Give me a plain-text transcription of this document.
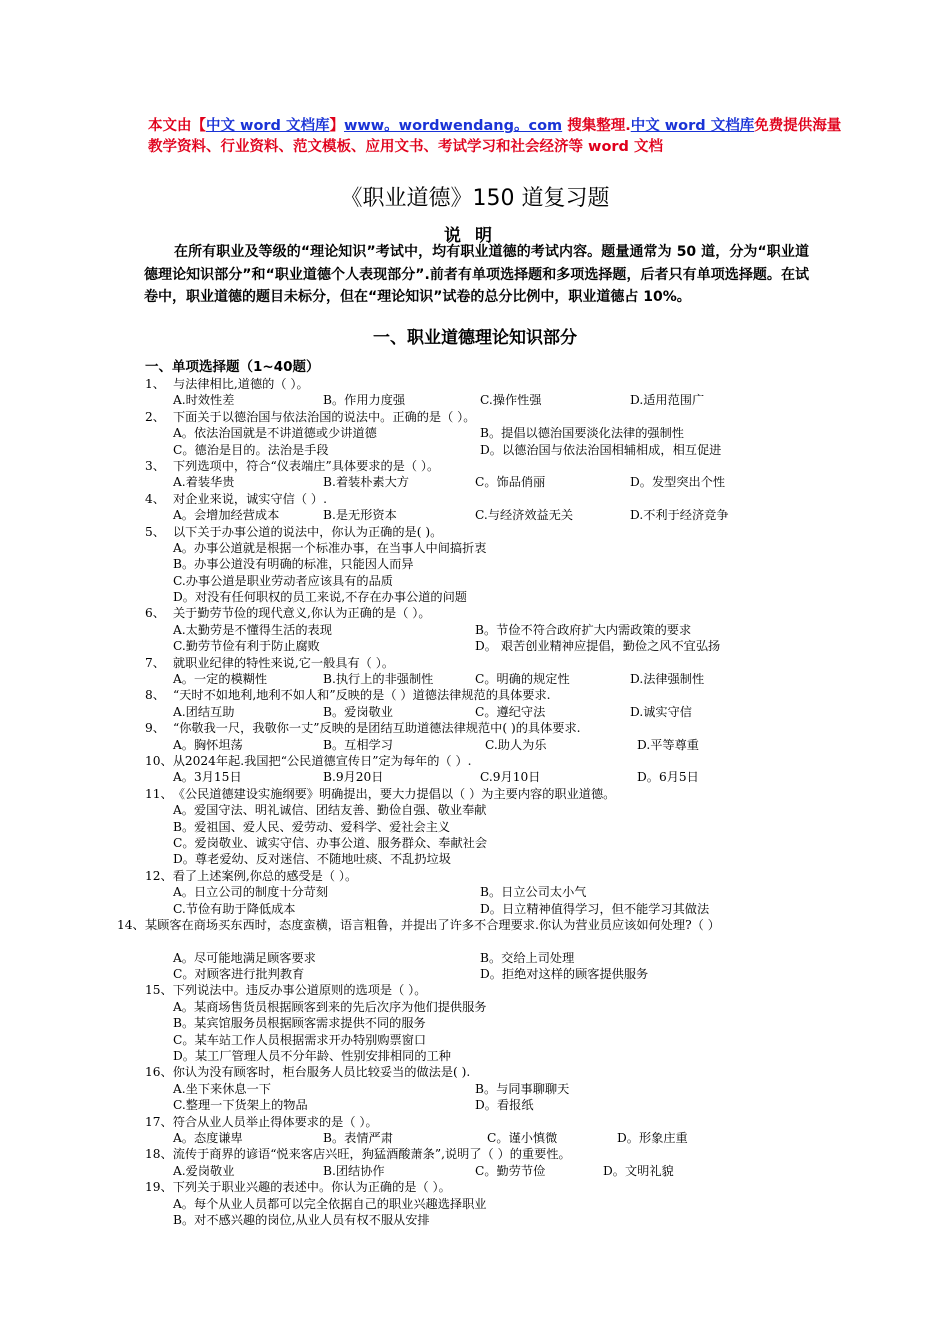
本文由【中文 word 文档库】www。wordwendang。com 搜集整理.中文 word 文档库免费提供海量教学资料、行业资料、范文模板、应用文书、考试学习和社会经济等 word 文档
《职业道德》150 道复习题
说明
在所有职业及等级的“理论知识”考试中，均有职业道德的考试内容。题量通常为 50 道，分为“职业道德理论知识部分”和“职业道德个人表现部分”.前者有单项选择题和多项选择题，后者只有单项选择题。在试卷中，职业道德的题目未标分，但在“理论知识”试卷的总分比例中，职业道德占 10%。
一、职业道德理论知识部分
一、单项选择题（1~40题）
1、 与法律相比,道德的（ ）。
A.时效性差	B。作用力度强	C.操作性强	D.适用范围广
2、 下面关于以德治国与依法治国的说法中。正确的是（ ）。
A。依法治国就是不讲道德或少讲道德	B。提倡以德治国要淡化法律的强制性
C。德治是目的。法治是手段	D。以德治国与依法治国相辅相成，相互促进
3、 下列选项中，符合“仪表端庄”具体要求的是（ ）。
A.着装华贵	B.着装朴素大方	C。饰品俏丽	D。发型突出个性
4、 对企业来说，诚实守信（ ）.
A。会增加经营成本	B.是无形资本	C.与经济效益无关	D.不利于经济竞争
5、 以下关于办事公道的说法中，你认为正确的是( )。
A。办事公道就是根据一个标准办事，在当事人中间搞折衷
B。办事公道没有明确的标准，只能因人而异
C.办事公道是职业劳动者应该具有的品质
D。对没有任何职权的员工来说,不存在办事公道的问题
6、 关于勤劳节俭的现代意义,你认为正确的是（ ）。
A.太勤劳是不懂得生活的表现	B。节俭不符合政府扩大内需政策的要求
C.勤劳节俭有利于防止腐败	D。 艰苦创业精神应提倡，勤俭之风不宜弘扬
7、 就职业纪律的特性来说,它一般具有（ ）。
A。一定的模糊性	B.执行上的非强制性	C。明确的规定性	D.法律强制性
8、 “天时不如地利,地利不如人和”反映的是（ ）道德法律规范的具体要求.
A.团结互助	B。爱岗敬业	C。遵纪守法	D.诚实守信
9、 “你敬我一尺，我敬你一丈”反映的是团结互助道德法律规范中( )的具体要求.
A。胸怀坦荡	B。互相学习	C.助人为乐	D.平等尊重
10、从2024年起.我国把“公民道德宣传日”定为每年的（ ）.
A。3月15日	B.9月20日	C.9月10日	D。6月5日
11、《公民道德建设实施纲要》明确提出，要大力提倡以（ ）为主要内容的职业道德。
A。爱国守法、明礼诚信、团结友善、勤俭自强、敬业奉献
B。爱祖国、爱人民、爱劳动、爱科学、爱社会主义
C。爱岗敬业、诚实守信、办事公道、服务群众、奉献社会
D。尊老爱幼、反对迷信、不随地吐痰、不乱扔垃圾
12、看了上述案例,你总的感受是（ ）。
A。日立公司的制度十分苛刻	B。日立公司太小气
C.节俭有助于降低成本	D。日立精神值得学习，但不能学习其做法
14、某顾客在商场买东西时，态度蛮横，语言粗鲁，并提出了许多不合理要求.你认为营业员应该如何处理?（ ）
A。尽可能地满足顾客要求	B。交给上司处理
C。对顾客进行批判教育	D。拒绝对这样的顾客提供服务
15、下列说法中。违反办事公道原则的选项是（ ）。
A。某商场售货员根据顾客到来的先后次序为他们提供服务
B。某宾馆服务员根据顾客需求提供不同的服务
C。某车站工作人员根据需求开办特别购票窗口
D。某工厂管理人员不分年龄、性别安排相同的工种
16、你认为没有顾客时，柜台服务人员比较妥当的做法是( ).
A.坐下来休息一下	B。与同事聊聊天
C.整理一下货架上的物品	D。看报纸
17、符合从业人员举止得体要求的是（ ）。
A。态度谦卑	B。表情严肃	C。谨小慎微	D。形象庄重
18、流传于商界的谚语“悦来客店兴旺，狗猛酒酸萧条”,说明了（ ）的重要性。
A.爱岗敬业	B.团结协作	C。勤劳节俭	D。文明礼貌
19、下列关于职业兴趣的表述中。你认为正确的是（ ）。
A。每个从业人员都可以完全依据自己的职业兴趣选择职业
B。对不感兴趣的岗位,从业人员有权不服从安排
